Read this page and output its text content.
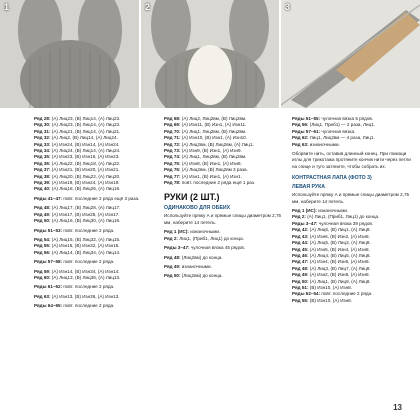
1	2	3
Ряд 28: (А) Лиц23, (В) Лиц14, (А) Лиц23.
Ряд 30: (А) Лиц23, (В) Лиц14, (А) Лиц23.
Ряд 31: (А) Лиц21, (В) Лиц14, (А) Лиц21.
Ряд 32: (А) Лиц2, (В) Лиц14, (А) Лиц24.
Ряд 33: (А) Изн24, (В) Изн14, (А) Изн24.
Ряд 34: (А) Лиц24, (В) Лиц14, (А) Лиц24.
Ряд 35: (А) Изн23, (В) Изн16, (А) Изн23.
Ряд 36: (А) Лиц22, (В) Лиц18, (А) Лиц22.
Ряд 37: (А) Изн21, (В) Изн20, (А) Изн21.
Ряд 38: (А) Лиц20, (В) Лиц22, (А) Лиц20.
Ряд 39: (А) Изн19, (В) Изн24, (А) Изн19.
Ряд 40: (А) Лиц18, (В) Лиц26, (А) Лиц18.
Ряды 41–47: повт. последние 2 ряда ещё 3 раза.
Ряд 48: (А) Лиц17, (В) Лиц28, (А) Лиц17.
Ряд 49: (А) Изн17, (В) Изн28, (А) Изн17.
Ряд 50: (А) Лиц16, (В) Лиц30, (А) Лиц16.
Ряды 51–53: повт. последние 2 ряда.
Ряд 54: (А) Лиц15, (В) Лиц32, (А) Лиц15.
Ряд 55: (А) Изн15, (В) Изн32, (А) Изн15.
Ряд 56: (А) Лиц14, (В) Лиц34, (А) Лиц14.
Ряды 57–58: повт. последние 2 ряда.
Ряд 59: (А) Изн14, (В) Изн34, (А) Изн14.
Ряд 60: (А) Лиц13, (В) Лиц36, (А) Лиц13.
Ряды 61–62: повт. последние 2 ряда.
Ряд 63: (А) Изн13, (В) Изн36, (А) Изн13.
Ряды 64–65: повт. последние 2 ряда.
Ряд 68: (А) Лиц2, Лиц2вм, (В) Лиц2вм.
Ряд 69: (А) Изн11, (В) Изн1, (А) Изн11.
Ряд 70: (А) Лиц1, Лиц2вм, (В) Лиц2вм.
Ряд 71: (А) Изн10, (В) Изн1, (А) Изн10.
Ряд 72: (А) Лиц2вм, (В) Лиц2вм, (А) Лиц1.
Ряд 73: (А) Изн9, (В) Изн1, (А) Изн9.
Ряд 74: (А) Лиц1, Лиц2вм, (В) Лиц2вм.
Ряд 75: (А) Изн8, (В) Изн1, (А) Изн8.
Ряд 76: (А) Лиц2вм, (В) Лиц2вм 3 раза.
Ряд 77: (А) Изн1, (В) Изн1, (А) Изн1.
Ряд 78: повт. последние 2 ряда ещё 1 раз.
РУКИ (2 ШТ.)
ОДИНАКОВО ДЛЯ ОБЕИХ
Используйте пряжу А и прямые спицы диаметром 2,75 мм, наберите 14 петель.
Ряд 1 (ИС): изнаночными.
Ряд 2: Лиц1, (Приб1, Лиц1) до конца.
Ряды 3–47: чулочная вязка 45 рядов.
Ряд 48: (Лиц2вм) до конца.
Ряд 49: изнаночными.
Ряд 50: (Лиц2вм) до конца.
Ряды 51–55: чулочная вязка 5 рядов.
Ряд 56: (Лиц1, Приб1) — 2 раза, Лиц1.
Ряды 57–61: чулочная вязка.
Ряд 62: Лиц1, Лиц2вм — 4 раза, Лиц1.
Ряд 63: изнаночными.
Оборвите нить, оставив длинный конец. При помощи иглы для трикотажа протяните кончик нити через петли на спице и туго затяните, чтобы собрать их.
КОНТРАСТНАЯ ЛАПА (ФОТО 3)
ЛЕВАЯ РУКА
Используйте пряжу А и прямые спицы диаметром 2,75 мм, наберите 14 петель.
Ряд 1 (ИС): изнаночными.
Ряд 2: (А) Лиц1, (Приб1, Лиц1) до конца.
Ряды 3–47: чулочная вязка 39 рядов.
Ряд 42: (А) Лиц6, (В) Лиц1, (А) Лиц8.
Ряд 43: (А) Изн6, (В) Изн2, (А) Изн8.
Ряд 44: (А) Лиц5, (В) Лиц3, (А) Лиц8.
Ряд 45: (А) Изн5, (В) Изн4, (А) Изн8.
Ряд 46: (А) Лиц4, (В) Лиц5, (А) Лиц8.
Ряд 47: (А) Изн4, (В) Изн6, (А) Изн8.
Ряд 48: (А) Лиц3, (В) Лиц7, (А) Лиц8.
Ряд 49: (А) Изн2, (В) Изн8, (А) Изн8.
Ряд 50: (А) Лиц1, (В) Лиц9, (А) Лиц8.
Ряд 51: (В) Изн10, (А) Изн8.
Ряды 52–54: повт. последние 2 ряда.
Ряд 55: (В) Изн10, (А) Изн8.
13
